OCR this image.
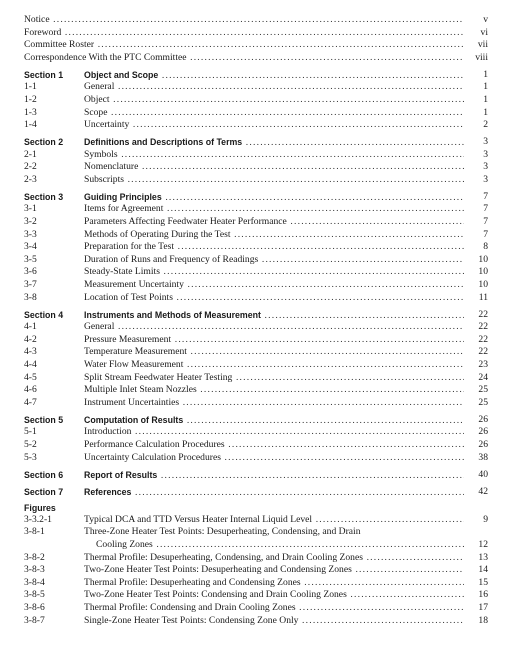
Notice .....	v
Foreword .....	vi
Committee Roster .....	vii
Correspondence With the PTC Committee .....	viii
Section 1	Object and Scope .....	1
1-1	General .....	1
1-2	Object .....	1
1-3	Scope .....	1
1-4	Uncertainty .....	2
Section 2	Definitions and Descriptions of Terms .....	3
2-1	Symbols .....	3
2-2	Nomenclature .....	3
2-3	Subscripts .....	3
Section 3	Guiding Principles .....	7
3-1	Items for Agreement .....	7
3-2	Parameters Affecting Feedwater Heater Performance .....	7
3-3	Methods of Operating During the Test .....	7
3-4	Preparation for the Test .....	8
3-5	Duration of Runs and Frequency of Readings .....	10
3-6	Steady-State Limits .....	10
3-7	Measurement Uncertainty .....	10
3-8	Location of Test Points .....	11
Section 4	Instruments and Methods of Measurement .....	22
4-1	General .....	22
4-2	Pressure Measurement .....	22
4-3	Temperature Measurement .....	22
4-4	Water Flow Measurement .....	23
4-5	Split Stream Feedwater Heater Testing .....	24
4-6	Multiple Inlet Steam Nozzles .....	25
4-7	Instrument Uncertainties .....	25
Section 5	Computation of Results .....	26
5-1	Introduction .....	26
5-2	Performance Calculation Procedures .....	26
5-3	Uncertainty Calculation Procedures .....	38
Section 6	Report of Results .....	40
Section 7	References .....	42
Figures
3-3.2-1	Typical DCA and TTD Versus Heater Internal Liquid Level .....	9
3-8-1	Three-Zone Heater Test Points: Desuperheating, Condensing, and Drain
Cooling Zones .....	12
3-8-2	Thermal Profile: Desuperheating, Condensing, and Drain Cooling Zones .....	13
3-8-3	Two-Zone Heater Test Points: Desuperheating and Condensing Zones .....	14
3-8-4	Thermal Profile: Desuperheating and Condensing Zones .....	15
3-8-5	Two-Zone Heater Test Points: Condensing and Drain Cooling Zones .....	16
3-8-6	Thermal Profile: Condensing and Drain Cooling Zones .....	17
3-8-7	Single-Zone Heater Test Points: Condensing Zone Only .....	18
